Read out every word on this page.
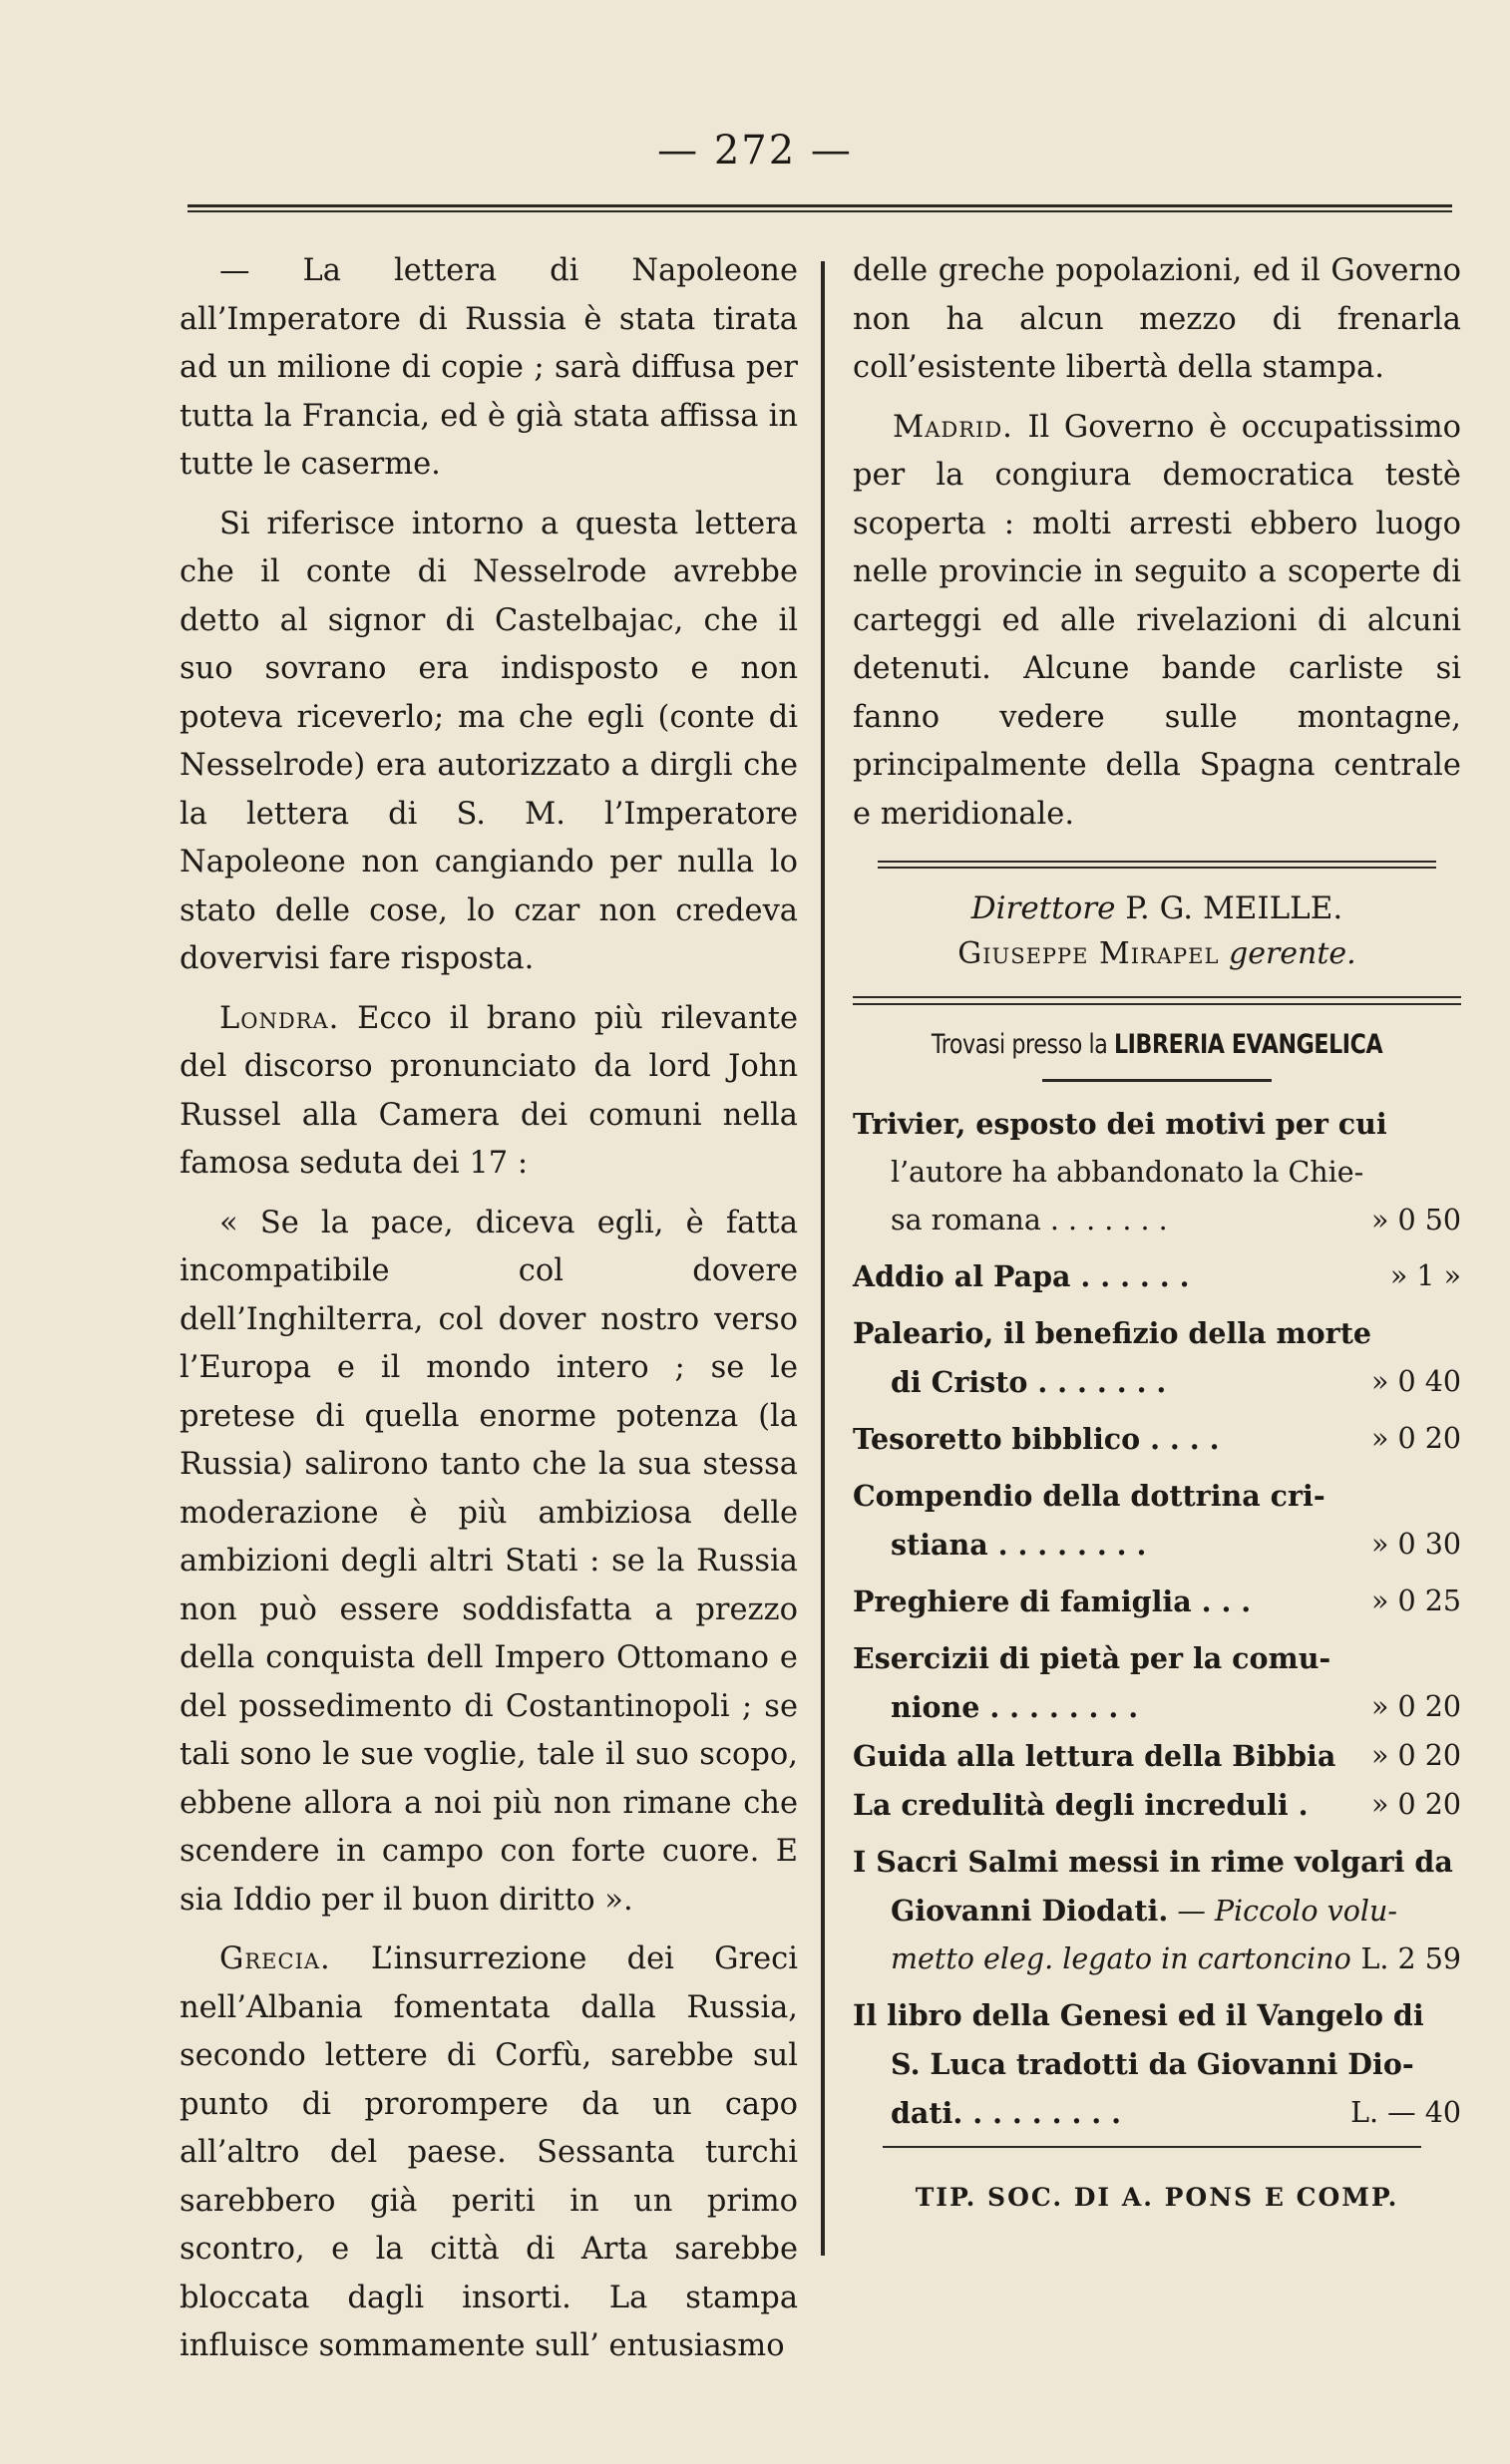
— 272 —

— La lettera di Napoleone all’Imperatore di Russia è stata tirata ad un milione di copie ; sarà diffusa per tutta la Francia, ed è già stata affissa in tutte le caserme.

Si riferisce intorno a questa lettera che il conte di Nesselrode avrebbe detto al signor di Castelbajac, che il suo sovrano era indisposto e non poteva riceverlo; ma che egli (conte di Nesselrode) era autorizzato a dirgli che la lettera di S. M. l’Imperatore Napoleone non cangiando per nulla lo stato delle cose, lo czar non credeva dovervisi fare risposta.

Londra. Ecco il brano più rilevante del discorso pronunciato da lord John Russel alla Camera dei comuni nella famosa seduta dei 17 :

« Se la pace, diceva egli, è fatta incompatibile col dovere dell’Inghilterra, col dover nostro verso l’Europa e il mondo intero ; se le pretese di quella enorme potenza (la Russia) salirono tanto che la sua stessa moderazione è più ambiziosa delle ambizioni degli altri Stati : se la Russia non può essere soddisfatta a prezzo della conquista dell Impero Ottomano e del possedimento di Costantinopoli ; se tali sono le sue voglie, tale il suo scopo, ebbene allora a noi più non rimane che scendere in campo con forte cuore. E sia Iddio per il buon diritto ».

Grecia. L’insurrezione dei Greci nell’Albania fomentata dalla Russia, secondo lettere di Corfù, sarebbe sul punto di prorompere da un capo all’altro del paese. Sessanta turchi sarebbero già periti in un primo scontro, e la città di Arta sarebbe bloccata dagli insorti. La stampa influisce sommamente sull’ entusiasmo

delle greche popolazioni, ed il Governo non ha alcun mezzo di frenarla coll’esistente libertà della stampa.

Madrid. Il Governo è occupatissimo per la congiura democratica testè scoperta : molti arresti ebbero luogo nelle provincie in seguito a scoperte di carteggi ed alle rivelazioni di alcuni detenuti. Alcune bande carliste si fanno vedere sulle montagne, principalmente della Spagna centrale e meridionale.

Direttore P. G. MEILLE.
Giuseppe Mirapel gerente.
Trovasi presso la LIBRERIA EVANGELICA
Trivier, esposto dei motivi per cui
l’autore ha abbandonato la Chie-
sa romana . . . . . . .	» 0 50
Addio al Papa . . . . . .	» 1 »
Paleario, il benefizio della morte
di Cristo . . . . . . .	» 0 40
Tesoretto bibblico . . . .	» 0 20
Compendio della dottrina cri-
stiana . . . . . . . .	» 0 30
Preghiere di famiglia . . .	» 0 25
Esercizii di pietà per la comu-
nione . . . . . . . .	» 0 20
Guida alla lettura della Bibbia » 0 20
La credulità degli increduli . » 0 20
I Sacri Salmi messi in rime volgari da
Giovanni Diodati. — Piccolo volu-
metto eleg. legato in cartoncino L. 2 59
Il libro della Genesi ed il Vangelo di
S. Luca tradotti da Giovanni Dio-
dati. . . . . . . . .	L. — 40
TIP. SOC. DI A. PONS E COMP.
